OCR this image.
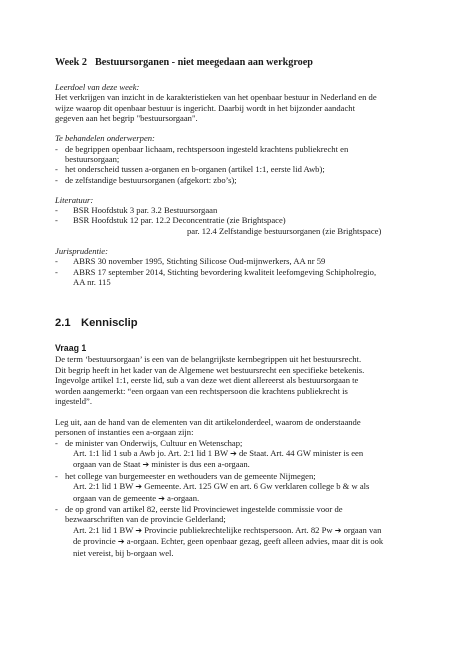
Week 2 Bestuursorganen - niet meegedaan aan werkgroep
Leerdoel van deze week:
Het verkrijgen van inzicht in de karakteristieken van het openbaar bestuur in Nederland en de
wijze waarop dit openbaar bestuur is ingericht. Daarbij wordt in het bijzonder aandacht
gegeven aan het begrip "bestuursorgaan".
Te behandelen onderwerpen:
- de begrippen openbaar lichaam, rechtspersoon ingesteld krachtens publiekrecht en
bestuursorgaan;
- het onderscheid tussen a-organen en b-organen (artikel 1:1, eerste lid Awb);
- de zelfstandige bestuursorganen (afgekort: zbo’s);
Literatuur:
- BSR Hoofdstuk 3 par. 3.2 Bestuursorgaan
- BSR Hoofdstuk 12 par. 12.2 Deconcentratie (zie Brightspace)
par. 12.4 Zelfstandige bestuursorganen (zie Brightspace)
Jurisprudentie:
- ABRS 30 november 1995, Stichting Silicose Oud-mijnwerkers, AA nr 59
- ABRS 17 september 2014, Stichting bevordering kwaliteit leefomgeving Schipholregio,
AA nr. 115
2.1 Kennisclip
Vraag 1
De term ‘bestuursorgaan’ is een van de belangrijkste kernbegrippen uit het bestuursrecht.
Dit begrip heeft in het kader van de Algemene wet bestuursrecht een specifieke betekenis.
Ingevolge artikel 1:1, eerste lid, sub a van deze wet dient allereerst als bestuursorgaan te
worden aangemerkt: “een orgaan van een rechtspersoon die krachtens publiekrecht is
ingesteld”.
Leg uit, aan de hand van de elementen van dit artikelonderdeel, waarom de onderstaande
personen of instanties een a-orgaan zijn:
- de minister van Onderwijs, Cultuur en Wetenschap;
Art. 1:1 lid 1 sub a Awb jo. Art. 2:1 lid 1 BW ➔ de Staat. Art. 44 GW minister is een
orgaan van de Staat ➔ minister is dus een a-orgaan.
- het college van burgemeester en wethouders van de gemeente Nijmegen;
Art. 2:1 lid 1 BW ➔ Gemeente. Art. 125 GW en art. 6 Gw verklaren college b & w als
orgaan van de gemeente ➔ a-orgaan.
- de op grond van artikel 82, eerste lid Provinciewet ingestelde commissie voor de
bezwaarschriften van de provincie Gelderland;
Art. 2:1 lid 1 BW ➔ Provincie publiekrechtelijke rechtspersoon. Art. 82 Pw ➔ orgaan van
de provincie ➔ a-orgaan. Echter, geen openbaar gezag, geeft alleen advies, maar dit is ook
niet vereist, bij b-orgaan wel.
